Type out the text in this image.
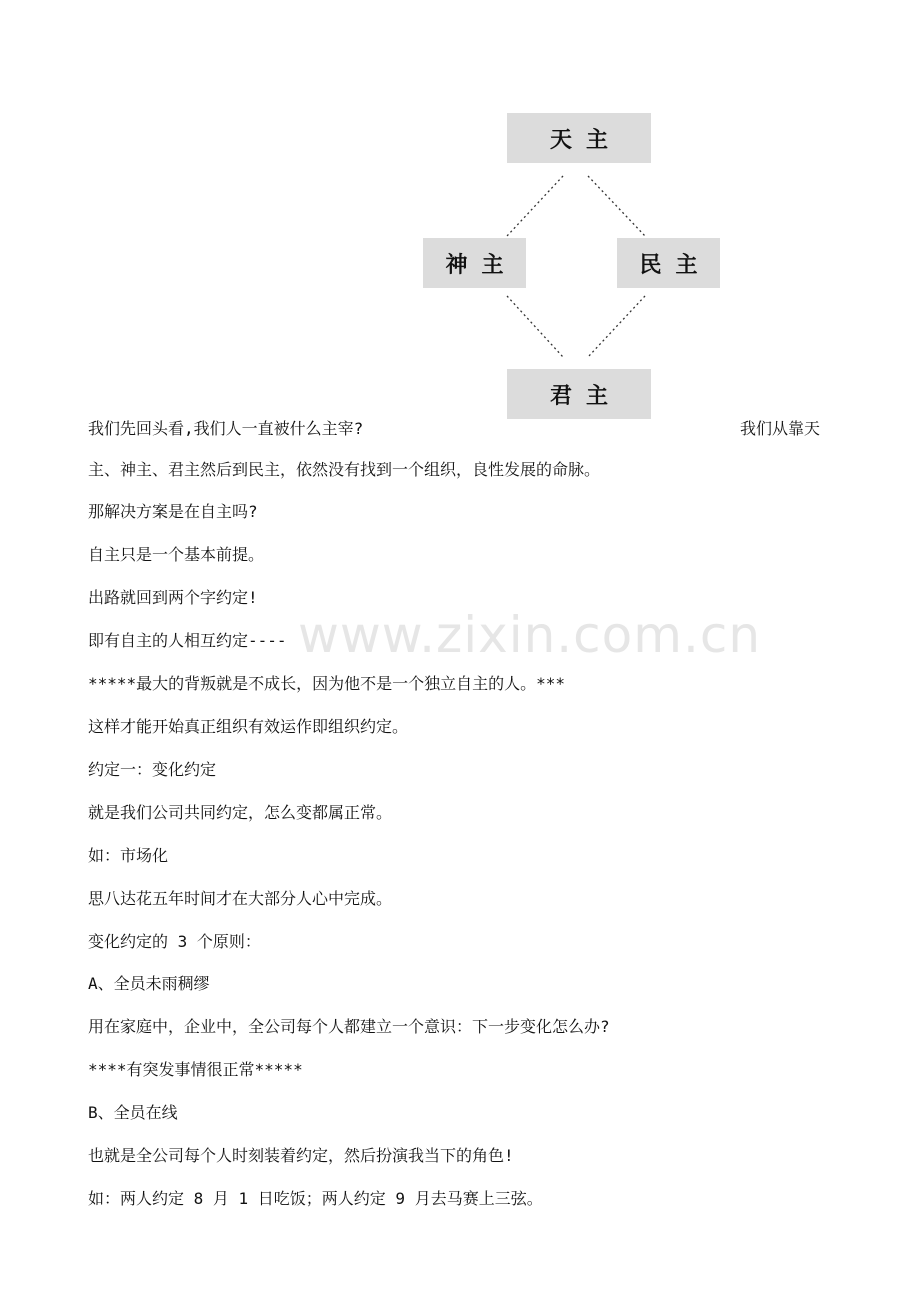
www.zixin.com.cn
天主
神主	民主
君主
我们先回头看,我们人一直被什么主宰?	我们从靠天
主、神主、君主然后到民主，依然没有找到一个组织，良性发展的命脉。
那解决方案是在自主吗?
自主只是一个基本前提。
出路就回到两个字约定!
即有自主的人相互约定----
*****最大的背叛就是不成长，因为他不是一个独立自主的人。***
这样才能开始真正组织有效运作即组织约定。
约定一：变化约定
就是我们公司共同约定，怎么变都属正常。
如：市场化
思八达花五年时间才在大部分人心中完成。
变化约定的 3 个原则：
A、全员未雨稠缪
用在家庭中，企业中，全公司每个人都建立一个意识：下一步变化怎么办?
****有突发事情很正常*****
B、全员在线
也就是全公司每个人时刻装着约定，然后扮演我当下的角色!
如：两人约定 8 月 1 日吃饭；两人约定 9 月去马赛上三弦。
